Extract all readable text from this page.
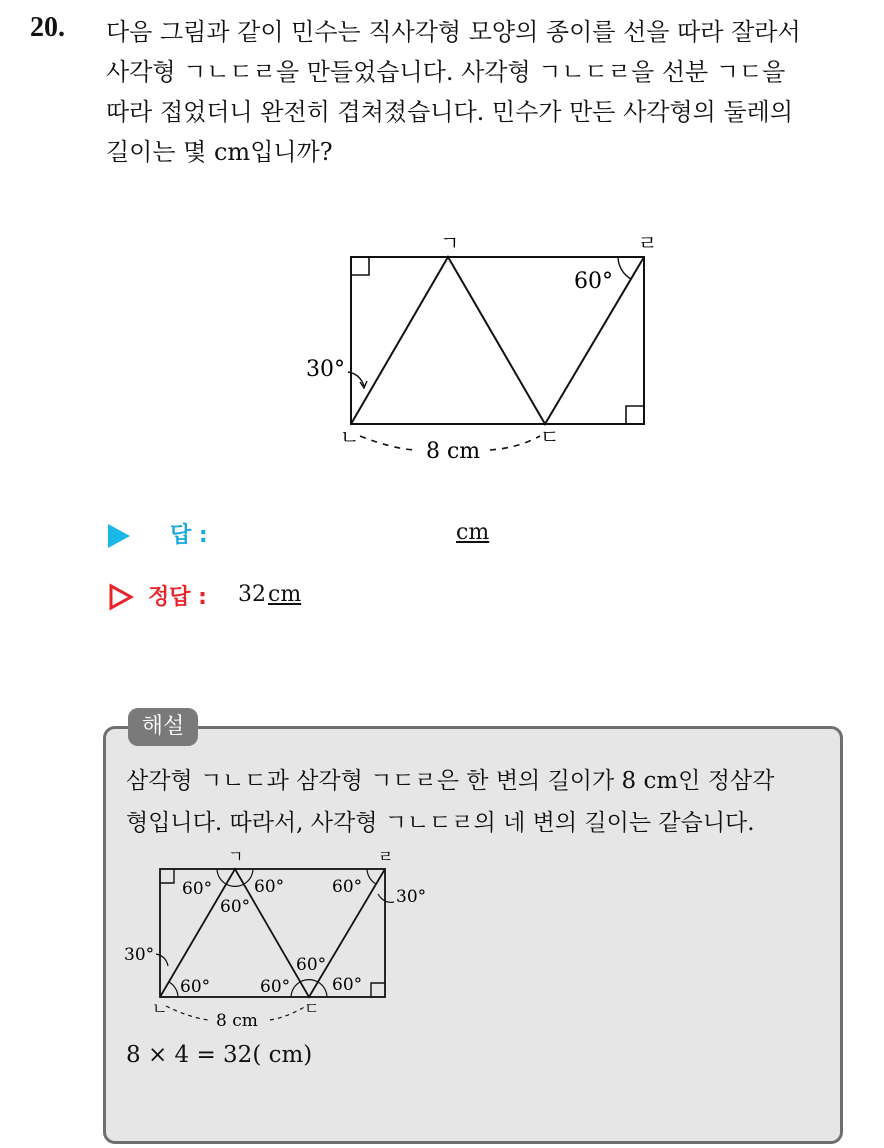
20. 다음 그림과 같이 민수는 직사각형 모양의 종이를 선을 따라 잘라서

사각형 ㄱㄴㄷㄹ을 만들었습니다. 사각형 ㄱㄴㄷㄹ을 선분 ㄱㄷ을

따라 접었더니 완전히 겹쳐졌습니다. 민수가 만든 사각형의 둘레의

길이는 몇 cm입니까?

ㄱ	ㄹ
ㄴ	ㄷ
60°
30°
8 cm
답 :	cm
정답 : 32cm
해설

삼각형 ㄱㄴㄷ과 삼각형 ㄱㄷㄹ은 한 변의 길이가 8 cm인 정삼각

형입니다. 따라서, 사각형 ㄱㄴㄷㄹ의 네 변의 길이는 같습니다.

ㄱ	ㄹ
ㄴ	ㄷ
60°
60°
60°	60° 30°
30°
60°	60°
60°
60°
8 cm
8 × 4 = 32( cm)
